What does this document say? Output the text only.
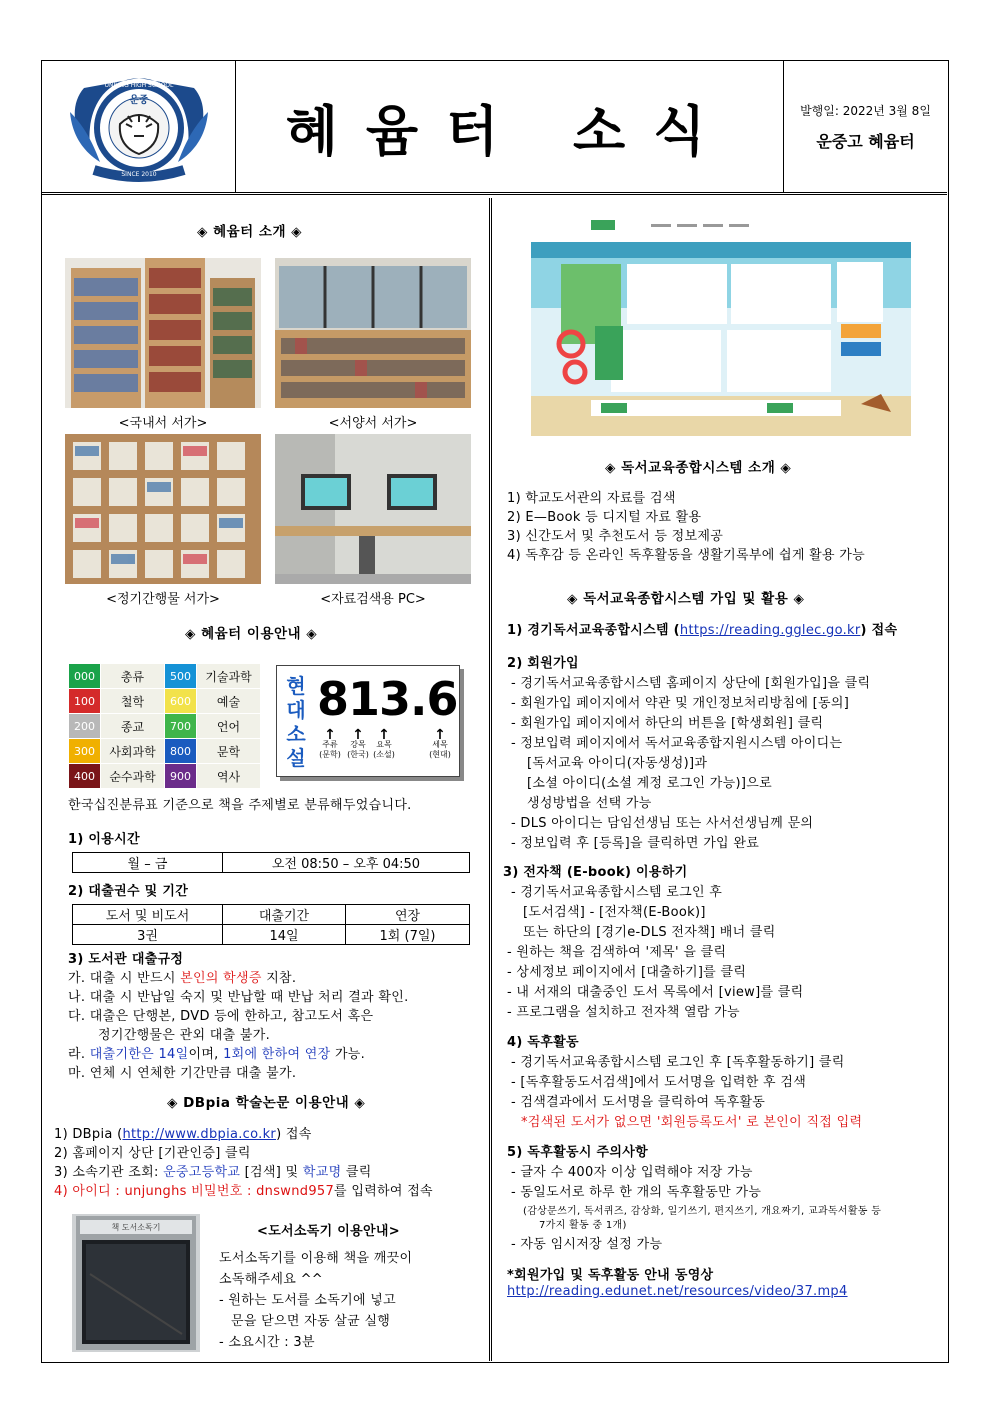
운중
UNJUNG HIGH SCHOOL
SINCE 2010
혜윰터 소식	발행일: 2022년 3월 8일
운중고 혜윰터
◈ 혜윰터 소개 ◈
<국내서 서가>	<서양서 서가>
<정기간행물 서가>	<자료검색용 PC>
◈ 혜윰터 이용안내 ◈
000	총류	500	기술과학
100	철학	600	예술
200	종교	700	언어
300	사회과학	800	문학
400	순수과학	900	역사
현
대
소
설
813.6
↑
주류
(문학)
↑
강목
(한국)
↑
요목
(소설)
↑
세목
(현대)
한국십진분류표 기준으로 책을 주제별로 분류해두었습니다.
1) 이용시간
월 – 금	오전 08:50 – 오후 04:50
2) 대출권수 및 기간
도서 및 비도서	대출기간	연장
3권	14일	1회 (7일)
3) 도서관 대출규정
가. 대출 시 반드시 본인의 학생증 지참.
나. 대출 시 반납일 숙지 및 반납할 때 반납 처리 결과 확인.
다. 대출은 단행본, DVD 등에 한하고, 참고도서 혹은
정기간행물은 관외 대출 불가.
라. 대출기한은 14일이며, 1회에 한하여 연장 가능.
마. 연체 시 연체한 기간만큼 대출 불가.
◈ DBpia 학술논문 이용안내 ◈
1) DBpia (http://www.dbpia.co.kr) 접속
2) 홈페이지 상단 [기관인증] 클릭
3) 소속기관 조회: 운중고등학교 [검색] 및 학교명 클릭
4) 아이디 : unjunghs 비밀번호 : dnswnd957를 입력하여 접속
책 도서소독기	<도서소독기 이용안내>
도서소독기를 이용해 책을 깨끗이
소독해주세요 ^^
- 원하는 도서를 소독기에 넣고
문을 닫으면 자동 살균 실행
- 소요시간 : 3분
◈ 독서교육종합시스템 소개 ◈
1) 학교도서관의 자료를 검색
2) E—Book 등 디지털 자료 활용
3) 신간도서 및 추천도서 등 정보제공
4) 독후감 등 온라인 독후활동을 생활기록부에 쉽게 활용 가능
◈ 독서교육종합시스템 가입 및 활용 ◈
1) 경기독서교육종합시스템 (https://reading.gglec.go.kr) 접속
2) 회원가입
- 경기독서교육종합시스템 홈페이지 상단에 [회원가입]을 클릭
- 회원가입 페이지에서 약관 및 개인정보처리방침에 [동의]
- 회원가입 페이지에서 하단의 버튼을 [학생회원] 클릭
- 정보입력 페이지에서 독서교육종합지원시스템 아이디는
[독서교육 아이디(자동생성)]과
[소셜 아이디(소셜 계정 로그인 가능)]으로
생성방법을 선택 가능
- DLS 아이디는 담임선생님 또는 사서선생님께 문의
- 정보입력 후 [등록]을 클릭하면 가입 완료
3) 전자책 (E-book) 이용하기
- 경기독서교육종합시스템 로그인 후
[도서검색] - [전자책(E-Book)]
또는 하단의 [경기e-DLS 전자책] 배너 클릭
- 원하는 책을 검색하여 '제목' 을 클릭
- 상세정보 페이지에서 [대출하기]를 클릭
- 내 서재의 대출중인 도서 목록에서 [view]를 클릭
- 프로그램을 설치하고 전자책 열람 가능
4) 독후활동
- 경기독서교육종합시스템 로그인 후 [독후활동하기] 클릭
- [독후활동도서검색]에서 도서명을 입력한 후 검색
- 검색결과에서 도서명을 클릭하여 독후활동
*검색된 도서가 없으면 '회원등록도서' 로 본인이 직접 입력
5) 독후활동시 주의사항
- 글자 수 400자 이상 입력해야 저장 가능
- 동일도서로 하루 한 개의 독후활동만 가능
(감상문쓰기, 독서퀴즈, 감상화, 일기쓰기, 편지쓰기, 개요짜기, 교과독서활동 등
7가지 활동 중 1개)
- 자동 임시저장 설정 가능
*회원가입 및 독후활동 안내 동영상
http://reading.edunet.net/resources/video/37.mp4
